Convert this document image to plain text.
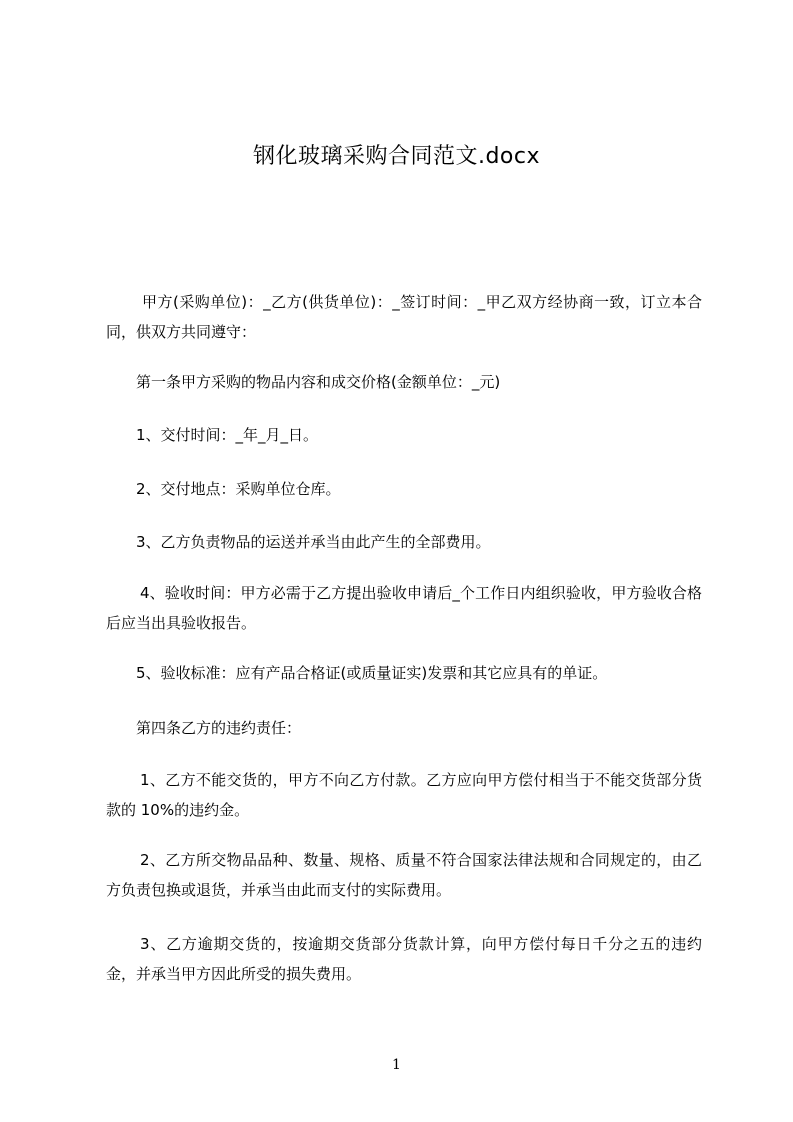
钢化玻璃采购合同范文.docx

甲方(采购单位)：_乙方(供货单位)：_签订时间：_甲乙双方经协商一致，订立本合同，供双方共同遵守：

第一条甲方采购的物品内容和成交价格(金额单位：_元)

1、交付时间：_年_月_日。

2、交付地点：采购单位仓库。

3、乙方负责物品的运送并承当由此产生的全部费用。

4、验收时间：甲方必需于乙方提出验收申请后_个工作日内组织验收，甲方验收合格后应当出具验收报告。

5、验收标准：应有产品合格证(或质量证实)发票和其它应具有的单证。

第四条乙方的违约责任：

1、乙方不能交货的，甲方不向乙方付款。乙方应向甲方偿付相当于不能交货部分货款的 10%的违约金。

2、乙方所交物品品种、数量、规格、质量不符合国家法律法规和合同规定的，由乙方负责包换或退货，并承当由此而支付的实际费用。

3、乙方逾期交货的，按逾期交货部分货款计算，向甲方偿付每日千分之五的违约金，并承当甲方因此所受的损失费用。

1
